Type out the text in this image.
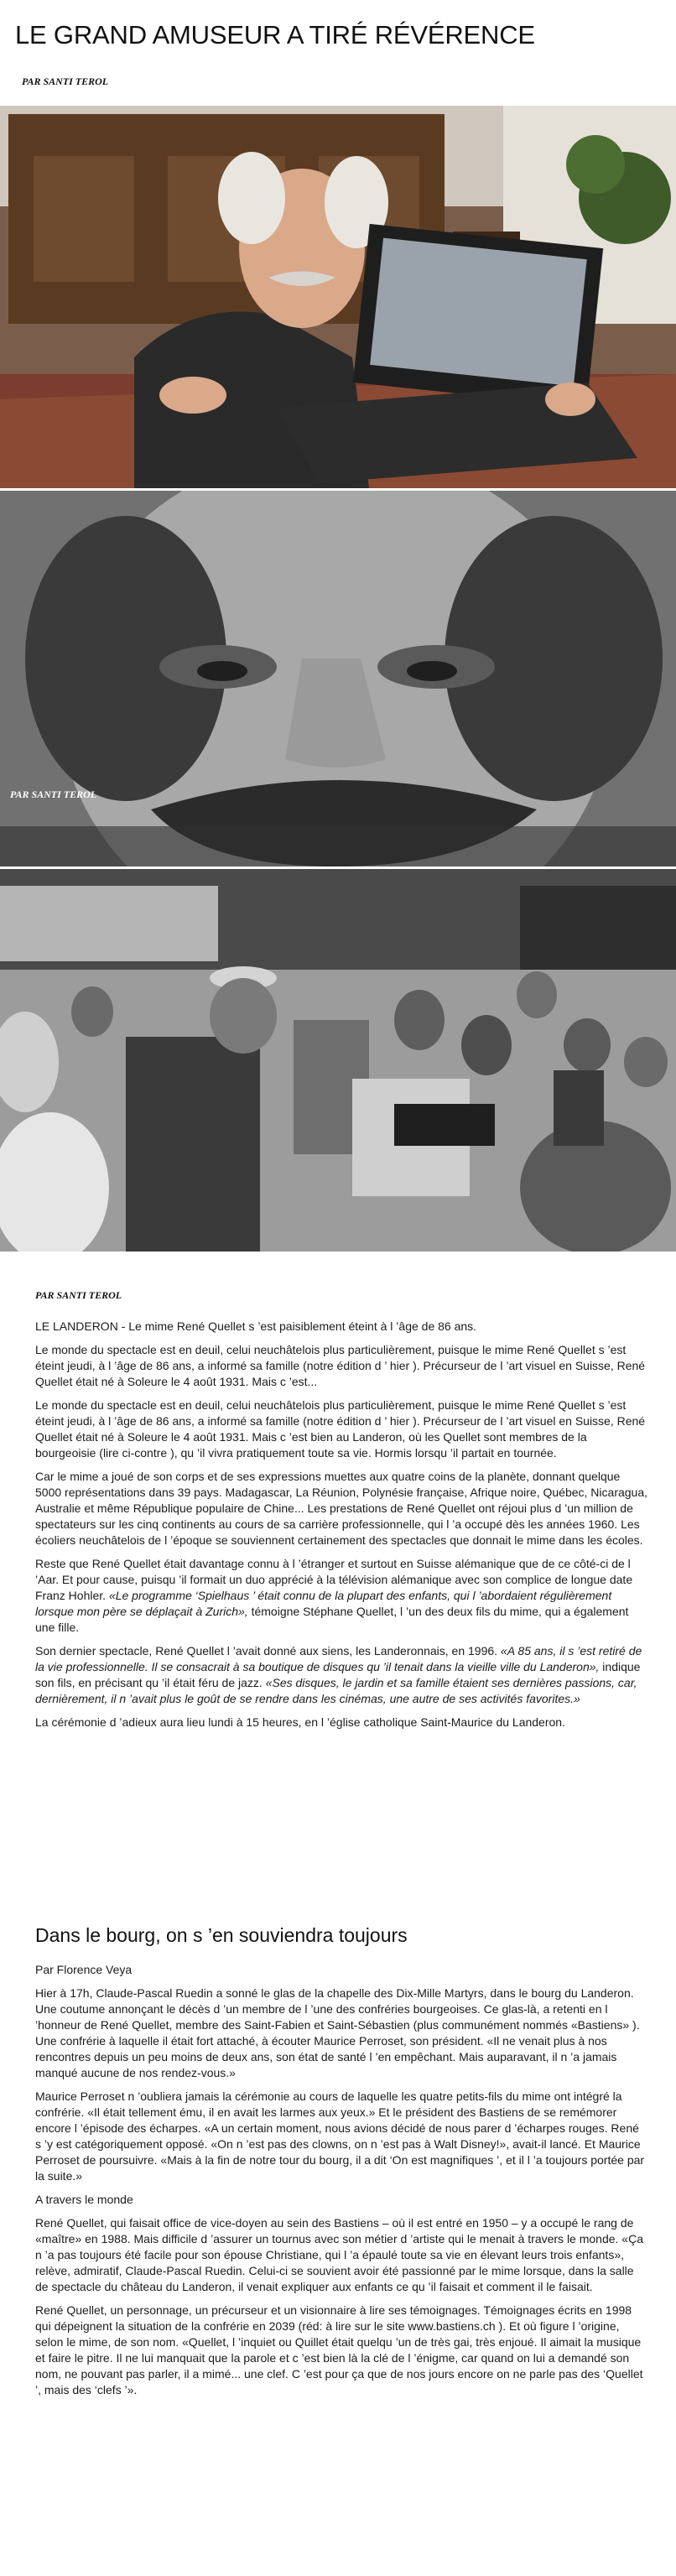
LE GRAND AMUSEUR A TIRÉ RÉVÉRENCE
PAR SANTI TEROL
PAR SANTI TEROL
PAR SANTI TEROL

LE LANDERON - Le mime René Quellet s ’est paisiblement éteint à l ’âge de 86 ans.

Le monde du spectacle est en deuil, celui neuchâtelois plus particulièrement, puisque le mime René Quellet s ’est éteint jeudi, à l ’âge de 86 ans, a informé sa famille (notre édition d ’ hier ). Précurseur de l ’art visuel en Suisse, René Quellet était né à Soleure le 4 août 1931. Mais c ’est...

Le monde du spectacle est en deuil, celui neuchâtelois plus particulièrement, puisque le mime René Quellet s ’est éteint jeudi, à l ’âge de 86 ans, a informé sa famille (notre édition d ’ hier ). Précurseur de l ’art visuel en Suisse, René Quellet était né à Soleure le 4 août 1931. Mais c ’est bien au Landeron, où les Quellet sont membres de la bourgeoisie (lire ci-contre ), qu ’il vivra pratiquement toute sa vie. Hormis lorsqu ’il partait en tournée.

Car le mime a joué de son corps et de ses expressions muettes aux quatre coins de la planète, donnant quelque 5000 représentations dans 39 pays. Madagascar, La Réunion, Polynésie française, Afrique noire, Québec, Nicaragua, Australie et même République populaire de Chine... Les prestations de René Quellet ont réjoui plus d ’un million de spectateurs sur les cinq continents au cours de sa carrière professionnelle, qui l ’a occupé dès les années 1960. Les écoliers neuchâtelois de l ’époque se souviennent certainement des spectacles que donnait le mime dans les écoles.

Reste que René Quellet était davantage connu à l ’étranger et surtout en Suisse alémanique que de ce côté-ci de l ’Aar. Et pour cause, puisqu ’il formait un duo apprécié à la télévision alémanique avec son complice de longue date Franz Hohler. «Le programme ‘Spielhaus ’ était connu de la plupart des enfants, qui l ’abordaient régulièrement lorsque mon père se déplaçait à Zurich», témoigne Stéphane Quellet, l ’un des deux fils du mime, qui a également une fille.

Son dernier spectacle, René Quellet l ’avait donné aux siens, les Landeronnais, en 1996. «A 85 ans, il s ’est retiré de la vie professionnelle. Il se consacrait à sa boutique de disques qu ’il tenait dans la vieille ville du Landeron», indique son fils, en précisant qu ’il était féru de jazz. «Ses disques, le jardin et sa famille étaient ses dernières passions, car, dernièrement, il n ’avait plus le goût de se rendre dans les cinémas, une autre de ses activités favorites.»

La cérémonie d ’adieux aura lieu lundi à 15 heures, en l ’église catholique Saint-Maurice du Landeron.

Dans le bourg, on s ’en souviendra toujours

Par Florence Veya

Hier à 17h, Claude-Pascal Ruedin a sonné le glas de la chapelle des Dix-Mille Martyrs, dans le bourg du Landeron. Une coutume annonçant le décès d ’un membre de l ’une des confréries bourgeoises. Ce glas-là, a retenti en l ’honneur de René Quellet, membre des Saint-Fabien et Saint-Sébastien (plus communément nommés «Bastiens» ). Une confrérie à laquelle il était fort attaché, à écouter Maurice Perroset, son président. «Il ne venait plus à nos rencontres depuis un peu moins de deux ans, son état de santé l ’en empêchant. Mais auparavant, il n ’a jamais manqué aucune de nos rendez-vous.»

Maurice Perroset n ’oubliera jamais la cérémonie au cours de laquelle les quatre petits-fils du mime ont intégré la confrérie. «Il était tellement ému, il en avait les larmes aux yeux.» Et le président des Bastiens de se remémorer encore l ’épisode des écharpes. «A un certain moment, nous avions décidé de nous parer d ’écharpes rouges. René s ’y est catégoriquement opposé. «On n ’est pas des clowns, on n ’est pas à Walt Disney!», avait-il lancé. Et Maurice Perroset de poursuivre. «Mais à la fin de notre tour du bourg, il a dit ‘On est magnifiques ’, et il l ’a toujours portée par la suite.»

A travers le monde

René Quellet, qui faisait office de vice-doyen au sein des Bastiens – où il est entré en 1950 – y a occupé le rang de «maître» en 1988. Mais difficile d ’assurer un tournus avec son métier d ’artiste qui le menait à travers le monde. «Ça n ’a pas toujours été facile pour son épouse Christiane, qui l ’a épaulé toute sa vie en élevant leurs trois enfants», relève, admiratif, Claude-Pascal Ruedin. Celui-ci se souvient avoir été passionné par le mime lorsque, dans la salle de spectacle du château du Landeron, il venait expliquer aux enfants ce qu ’il faisait et comment il le faisait.

René Quellet, un personnage, un précurseur et un visionnaire à lire ses témoignages. Témoignages écrits en 1998 qui dépeignent la situation de la confrérie en 2039 (réd: à lire sur le site www.bastiens.ch ). Et où figure l ’origine, selon le mime, de son nom. «Quellet, l ’inquiet ou Quillet était quelqu ’un de très gai, très enjoué. Il aimait la musique et faire le pitre. Il ne lui manquait que la parole et c ’est bien là la clé de l ’énigme, car quand on lui a demandé son nom, ne pouvant pas parler, il a mimé... une clef. C ’est pour ça que de nos jours encore on ne parle pas des ‘Quellet ’, mais des ‘clefs ’».
